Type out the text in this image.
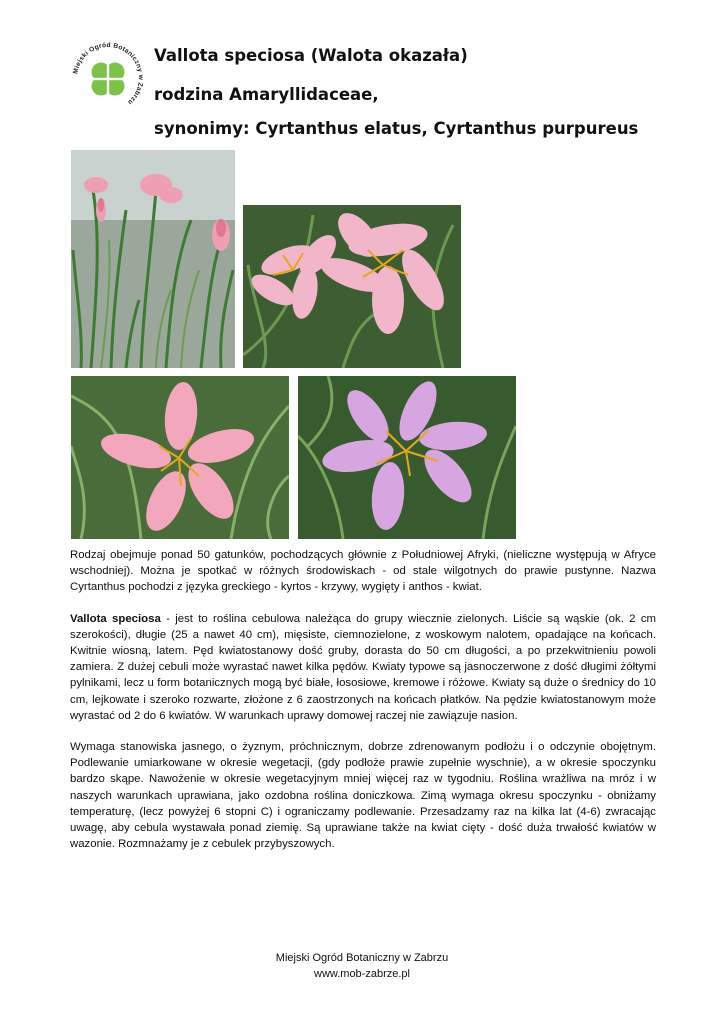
Miejski Ogród Botaniczny w Zabrzu
Vallota speciosa (Walota okazała)
rodzina Amaryllidaceae,
synonimy: Cyrtanthus elatus, Cyrtanthus purpureus

Rodzaj obejmuje ponad 50 gatunków, pochodzących głównie z Południowej Afryki, (nieliczne występują w Afryce wschodniej). Można je spotkać w różnych środowiskach - od stale wilgotnych do prawie pustynne. Nazwa Cyrtanthus pochodzi z języka greckiego - kyrtos - krzywy, wygięty i anthos - kwiat.

Vallota speciosa - jest to roślina cebulowa należąca do grupy wiecznie zielonych. Liście są wąskie (ok. 2 cm szerokości), długie (25 a nawet 40 cm), mięsiste, ciemnozielone, z woskowym nalotem, opadające na końcach. Kwitnie wiosną, latem. Pęd kwiatostanowy dość gruby, dorasta do 50 cm długości, a po przekwitnieniu powoli zamiera. Z dużej cebuli może wyrastać nawet kilka pędów. Kwiaty typowe są jasnoczerwone z dość długimi żółtymi pylnikami, lecz u form botanicznych mogą być białe, łososiowe, kremowe i różowe. Kwiaty są duże o średnicy do 10 cm, lejkowate i szeroko rozwarte, złożone z 6 zaostrzonych na końcach płatków. Na pędzie kwiatostanowym może wyrastać od 2 do 6 kwiatów. W warunkach uprawy domowej raczej nie zawiązuje nasion.

Wymaga stanowiska jasnego, o żyznym, próchnicznym, dobrze zdrenowanym podłożu i o odczynie obojętnym. Podlewanie umiarkowane w okresie wegetacji, (gdy podłoże prawie zupełnie wyschnie), a w okresie spoczynku bardzo skąpe. Nawożenie w okresie wegetacyjnym mniej więcej raz w tygodniu. Roślina wrażliwa na mróz i w naszych warunkach uprawiana, jako ozdobna roślina doniczkowa. Zimą wymaga okresu spoczynku - obniżamy temperaturę, (lecz powyżej 6 stopni C) i ograniczamy podlewanie. Przesadzamy raz na kilka lat (4-6) zwracając uwagę, aby cebula wystawała ponad ziemię. Są uprawiane także na kwiat cięty - dość duża trwałość kwiatów w wazonie. Rozmnażamy je z cebulek przybyszowych.

Miejski Ogród Botaniczny w Zabrzu
www.mob-zabrze.pl
